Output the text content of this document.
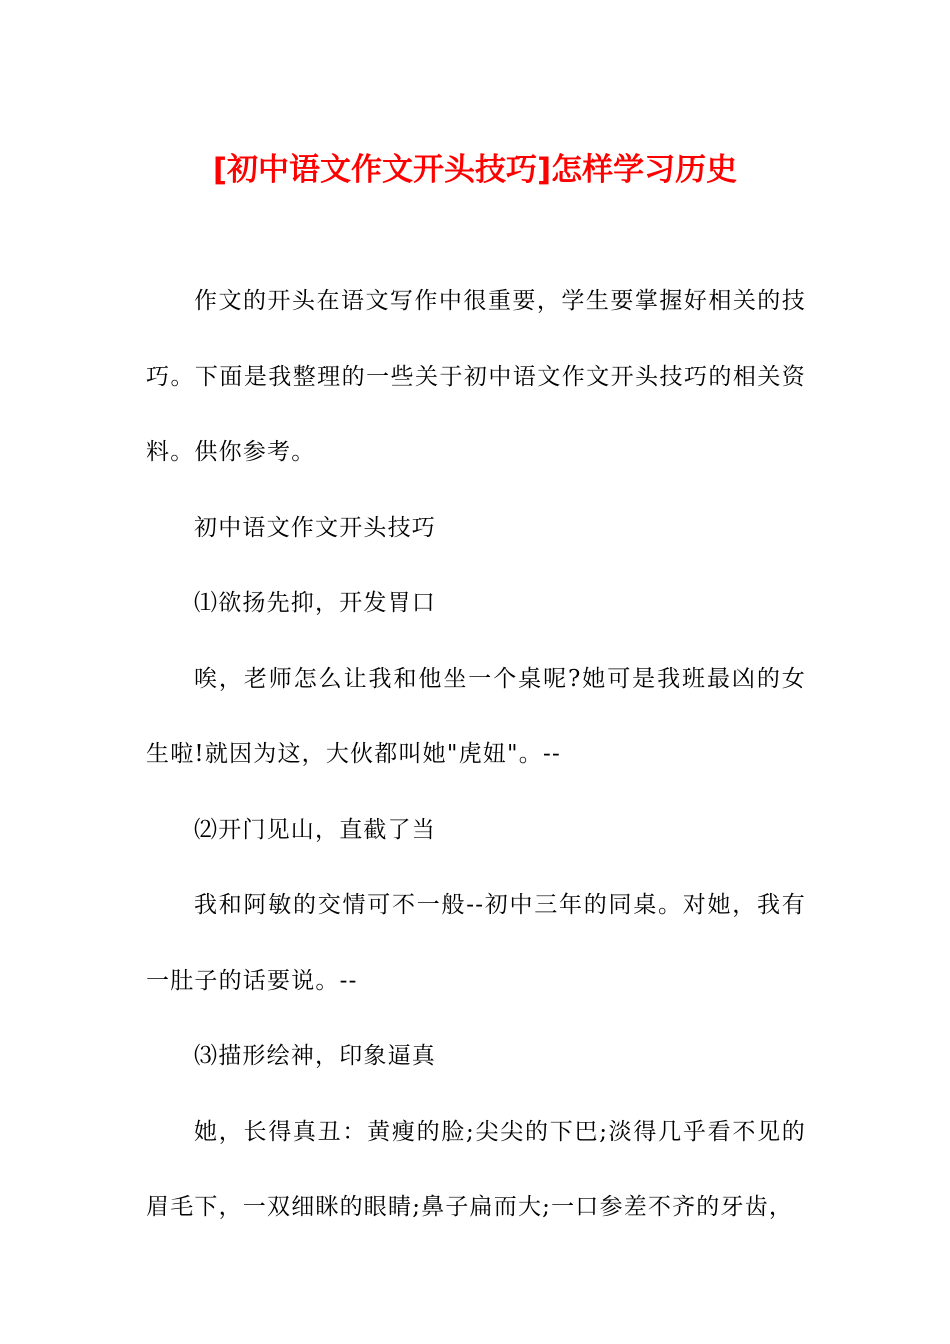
[初中语文作文开头技巧]怎样学习历史

作文的开头在语文写作中很重要，学生要掌握好相关的技巧。下面是我整理的一些关于初中语文作文开头技巧的相关资料。供你参考。

初中语文作文开头技巧

⑴欲扬先抑，开发胃口

唉，老师怎么让我和他坐一个桌呢?她可是我班最凶的女生啦!就因为这，大伙都叫她"虎妞"。--

⑵开门见山，直截了当

我和阿敏的交情可不一般--初中三年的同桌。对她，我有一肚子的话要说。--

⑶描形绘神，印象逼真

她，长得真丑：黄瘦的脸;尖尖的下巴;淡得几乎看不见的眉毛下，一双细眯的眼睛;鼻子扁而大;一口参差不齐的牙齿，
